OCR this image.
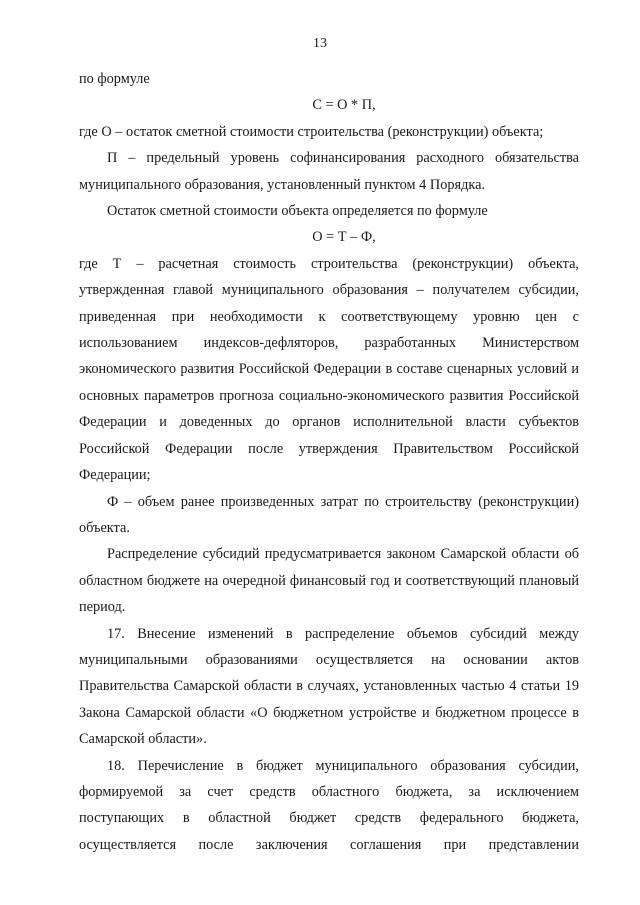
13

по формуле

С = О * П,

где О – остаток сметной стоимости строительства (реконструкции) объекта;

П – предельный уровень софинансирования расходного обязательства муниципального образования, установленный пунктом 4 Порядка.

Остаток сметной стоимости объекта определяется по формуле

О = Т – Ф,

где Т – расчетная стоимость строительства (реконструкции) объекта, утвержденная главой муниципального образования – получателем субсидии, приведенная при необходимости к соответствующему уровню цен с использованием индексов-дефляторов, разработанных Министерством экономического развития Российской Федерации в составе сценарных условий и основных параметров прогноза социально-экономического развития Российской Федерации и доведенных до органов исполнительной власти субъектов Российской Федерации после утверждения Правительством Российской Федерации;

Ф – объем ранее произведенных затрат по строительству (реконструкции) объекта.

Распределение субсидий предусматривается законом Самарской области об областном бюджете на очередной финансовый год и соответствующий плановый период.

17. Внесение изменений в распределение объемов субсидий между муниципальными образованиями осуществляется на основании актов Правительства Самарской области в случаях, установленных частью 4 статьи 19 Закона Самарской области «О бюджетном устройстве и бюджетном процессе в Самарской области».

18. Перечисление в бюджет муниципального образования субсидии, формируемой за счет средств областного бюджета, за исключением поступающих в областной бюджет средств федерального бюджета, осуществляется после заключения соглашения при представлении
